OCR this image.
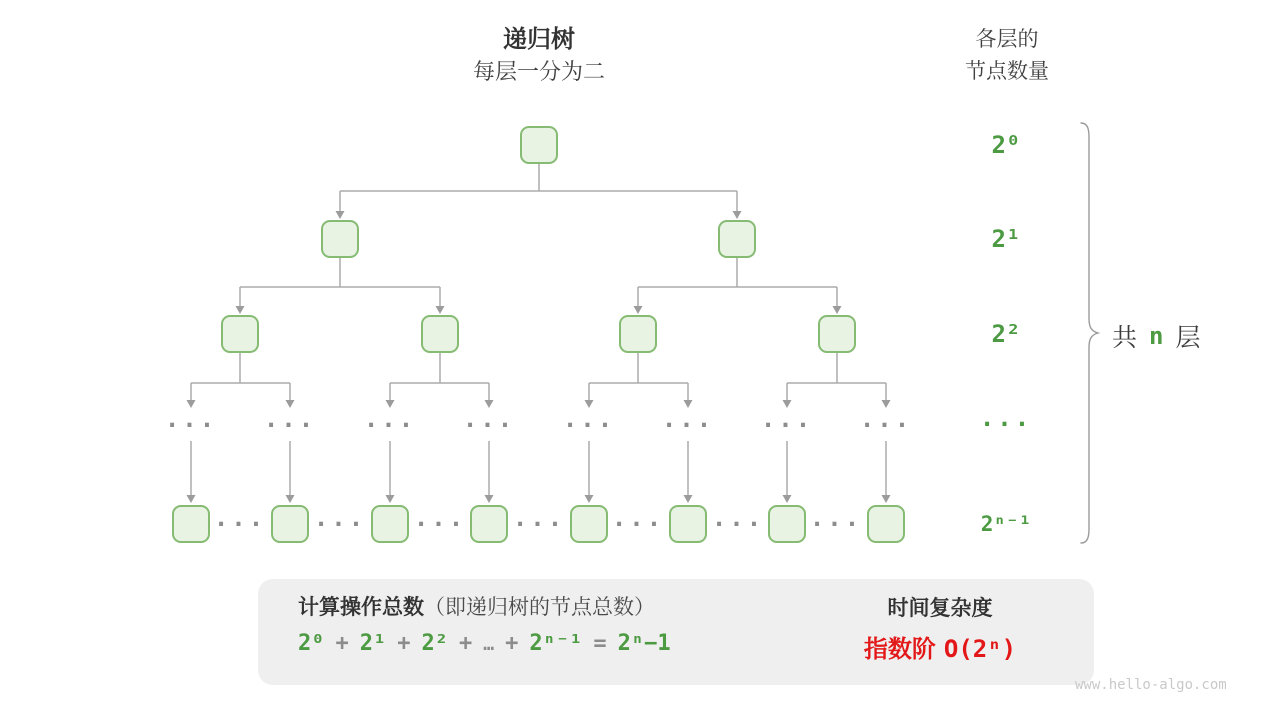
递归树
每层一分为二
各层的
节点数量
··· ··· ··· ··· ··· ··· ··· ···
··· ··· ··· ··· ··· ··· ···
2⁰
2¹
2²
···
2ⁿ⁻¹
共 n 层
计算操作总数（即递归树的节点总数）
2⁰ + 2¹ + 2² + … + 2ⁿ⁻¹ = 2ⁿ−1
时间复杂度
指数阶 O(2ⁿ)
www.hello-algo.com
